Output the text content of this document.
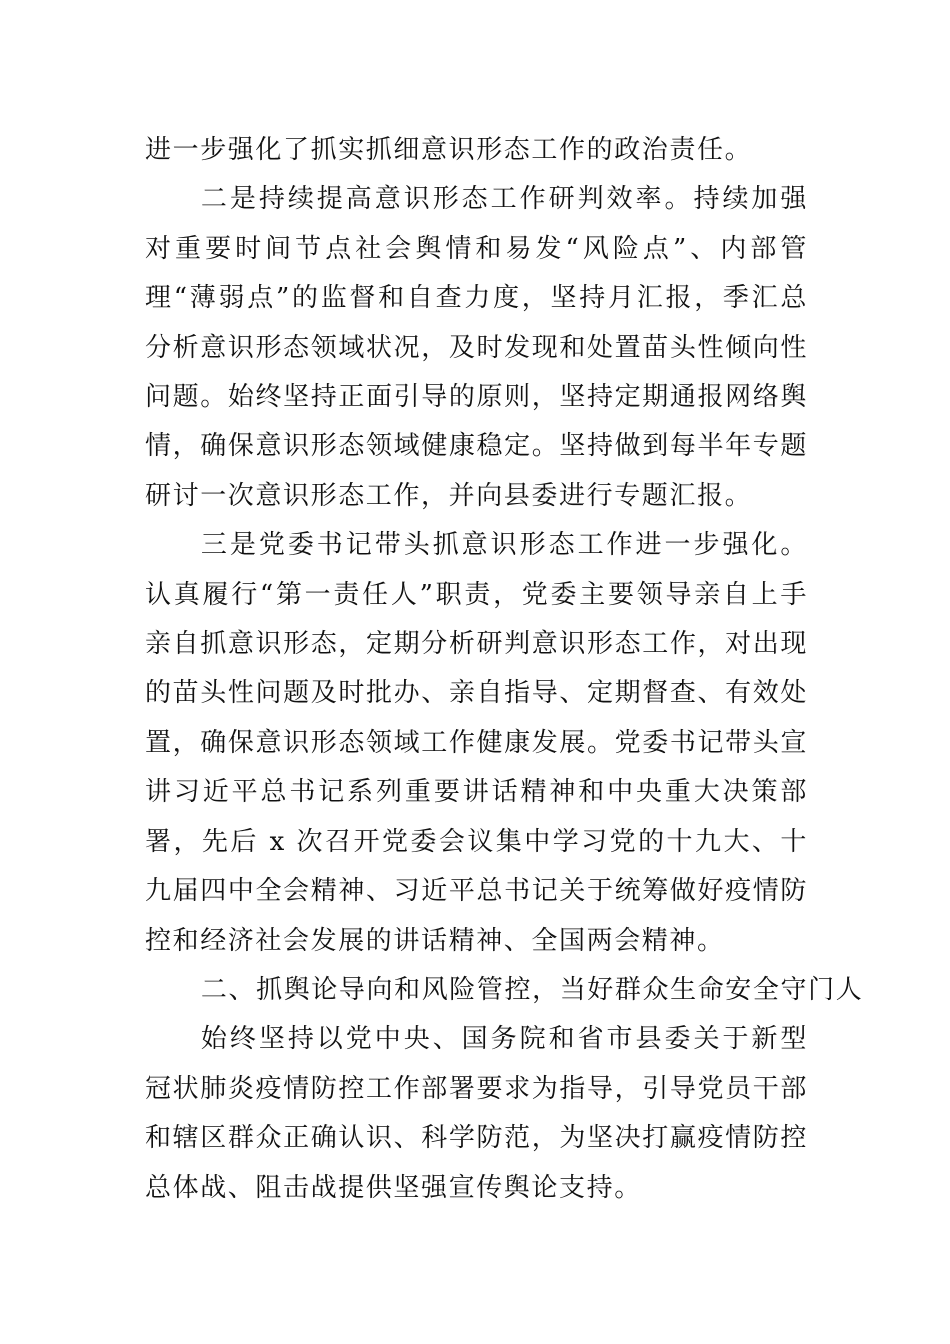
进一步强化了抓实抓细意识形态工作的政治责任。

二是持续提高意识形态工作研判效率。持续加强对重要时间节点社会舆情和易发“风险点”、内部管理“薄弱点”的监督和自查力度，坚持月汇报，季汇总分析意识形态领域状况，及时发现和处置苗头性倾向性问题。始终坚持正面引导的原则，坚持定期通报网络舆情，确保意识形态领域健康稳定。坚持做到每半年专题研讨一次意识形态工作，并向县委进行专题汇报。

三是党委书记带头抓意识形态工作进一步强化。认真履行“第一责任人”职责，党委主要领导亲自上手亲自抓意识形态，定期分析研判意识形态工作，对出现的苗头性问题及时批办、亲自指导、定期督查、有效处置，确保意识形态领域工作健康发展。党委书记带头宣讲习近平总书记系列重要讲话精神和中央重大决策部署，先后 x 次召开党委会议集中学习党的十九大、十九届四中全会精神、习近平总书记关于统筹做好疫情防控和经济社会发展的讲话精神、全国两会精神。

二、抓舆论导向和风险管控，当好群众生命安全守门人

始终坚持以党中央、国务院和省市县委关于新型冠状肺炎疫情防控工作部署要求为指导，引导党员干部和辖区群众正确认识、科学防范，为坚决打赢疫情防控总体战、阻击战提供坚强宣传舆论支持。
